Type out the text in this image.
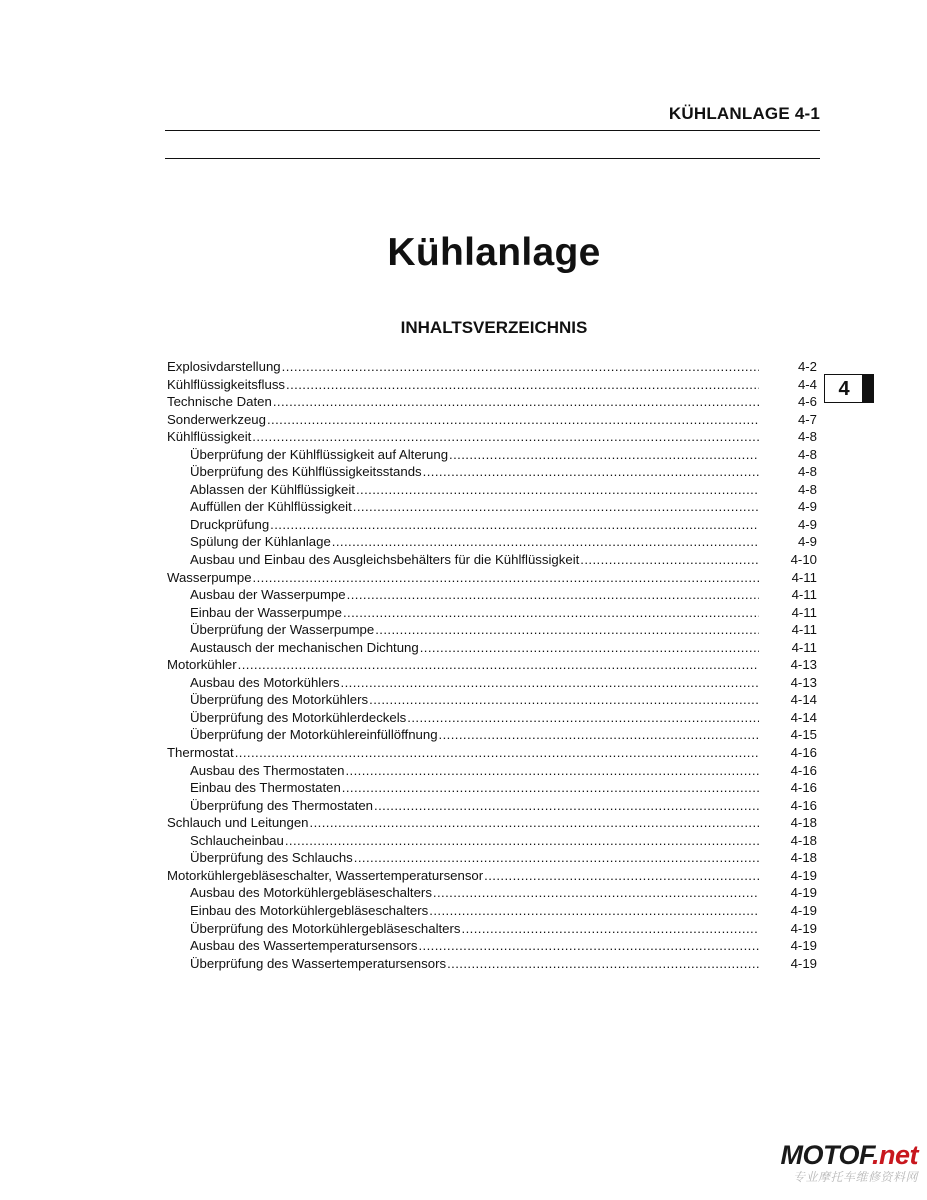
KÜHLANLAGE 4-1
Kühlanlage
INHALTSVERZEICHNIS
4
Explosivdarstellung .....	4-2
Kühlflüssigkeitsfluss .....	4-4
Technische Daten .....	4-6
Sonderwerkzeug .....	4-7
Kühlflüssigkeit .....	4-8
Überprüfung der Kühlflüssigkeit auf Alterung .....	4-8
Überprüfung des Kühlflüssigkeitsstands .....	4-8
Ablassen der Kühlflüssigkeit .....	4-8
Auffüllen der Kühlflüssigkeit .....	4-9
Druckprüfung .....	4-9
Spülung der Kühlanlage .....	4-9
Ausbau und Einbau des Ausgleichsbehälters für die Kühlflüssigkeit .....	4-10
Wasserpumpe .....	4-11
Ausbau der Wasserpumpe .....	4-11
Einbau der Wasserpumpe .....	4-11
Überprüfung der Wasserpumpe .....	4-11
Austausch der mechanischen Dichtung .....	4-11
Motorkühler .....	4-13
Ausbau des Motorkühlers .....	4-13
Überprüfung des Motorkühlers .....	4-14
Überprüfung des Motorkühlerdeckels .....	4-14
Überprüfung der Motorkühlereinfüllöffnung .....	4-15
Thermostat .....	4-16
Ausbau des Thermostaten .....	4-16
Einbau des Thermostaten .....	4-16
Überprüfung des Thermostaten .....	4-16
Schlauch und Leitungen .....	4-18
Schlaucheinbau .....	4-18
Überprüfung des Schlauchs .....	4-18
Motorkühlergebläseschalter, Wassertemperatursensor .....	4-19
Ausbau des Motorkühlergebläseschalters .....	4-19
Einbau des Motorkühlergebläseschalters .....	4-19
Überprüfung des Motorkühlergebläseschalters .....	4-19
Ausbau des Wassertemperatursensors .....	4-19
Überprüfung des Wassertemperatursensors .....	4-19
MOTOF.net
专业摩托车维修资料网
